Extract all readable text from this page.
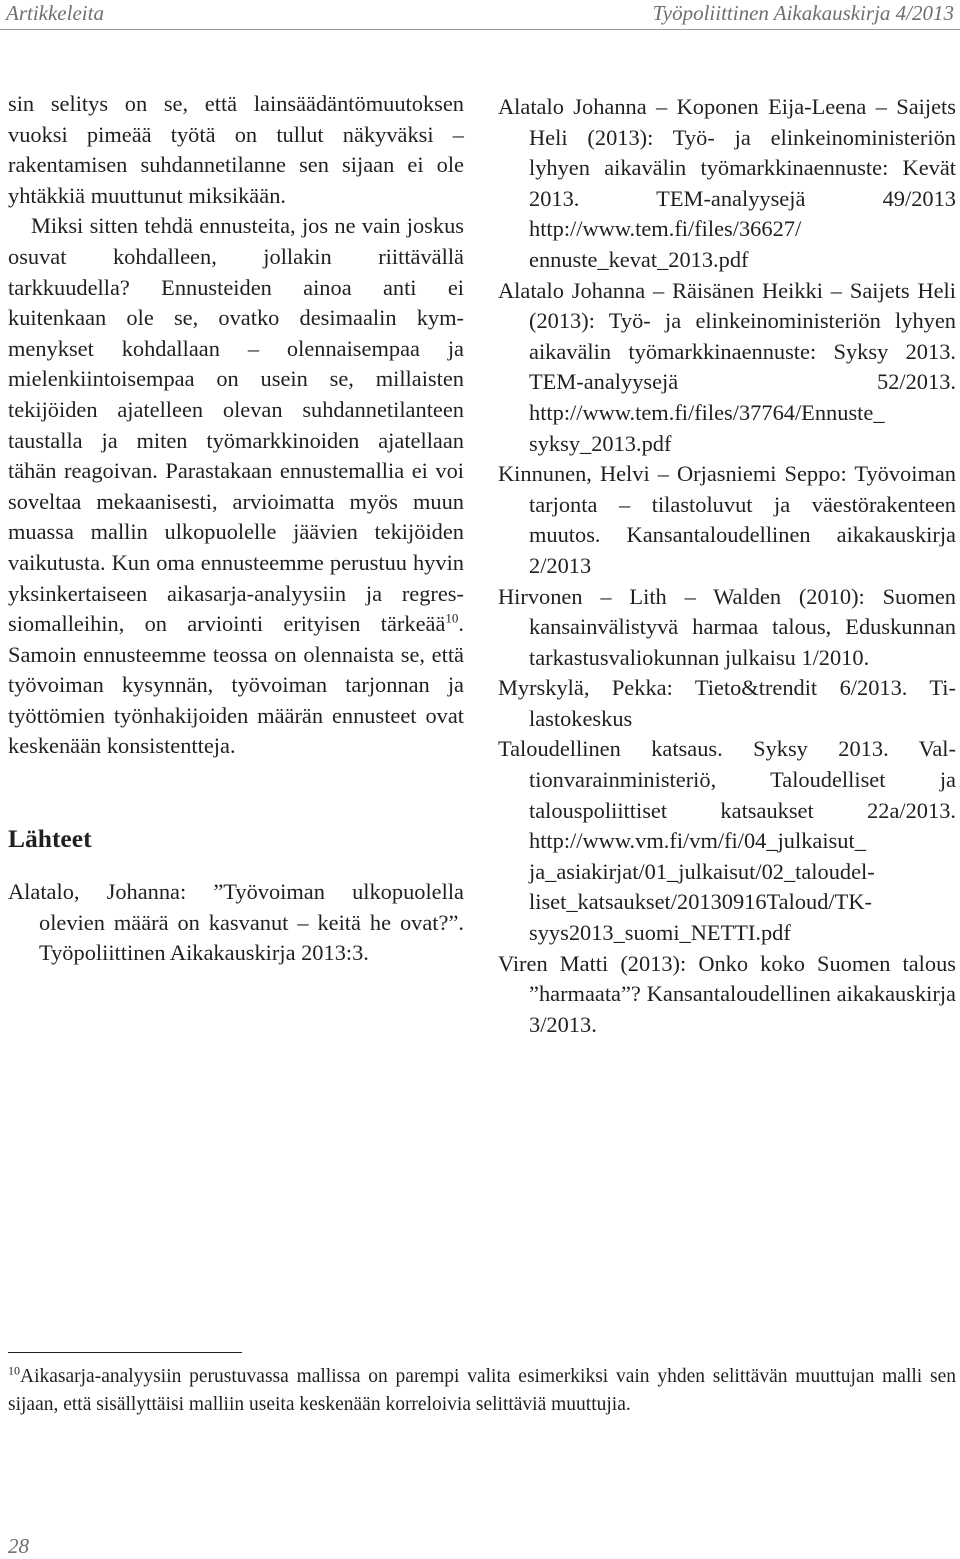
Artikkeleita	Työpoliittinen Aikakauskirja 4/2013

sin selitys on se, että lainsäädäntömuutoksen vuoksi pimeää työtä on tullut näkyväksi – rakentamisen suhdannetilanne sen sijaan ei ole yhtäkkiä muuttunut miksikään.

Miksi sitten tehdä ennusteita, jos ne vain joskus osuvat kohdalleen, jollakin riittävällä tarkkuudella? Ennusteiden ainoa anti ei kuitenkaan ole se, ovatko desimaalin kymmenykset kohdallaan – olennaisempaa ja mielenkiintoisempaa on usein se, millaisten tekijöiden ajatelleen olevan suhdannetilanteen taustalla ja miten työmarkkinoiden ajatellaan tähän reagoivan. Parastakaan ennustemallia ei voi soveltaa mekaanisesti, arvioimatta myös muun muassa mallin ulkopuolelle jäävien tekijöiden vaikutusta. Kun oma ennusteemme perustuu hyvin yksinkertaiseen aikasarja-analyysiin ja regressiomalleihin, on arviointi erityisen tärkeää$^{10}$. Samoin ennusteemme teossa on olennaista se, että työvoiman kysynnän, työvoiman tarjonnan ja työttömien työnhakijoiden määrän ennusteet ovat keskenään konsistentteja.

Lähteet

Alatalo, Johanna: ”Työvoiman ulkopuolella olevien määrä on kasvanut – keitä he ovat?”. Työpoliittinen Aikakauskirja 2013:3.

Alatalo Johanna – Koponen Eija-Leena – Saijets Heli (2013): Työ- ja elinkeinoministeriön lyhyen aikavälin työmarkkinaennuste: Kevät 2013. TEM-analyysejä 49/2013 http://www.tem.fi/files/36627/ ennuste_kevat_2013.pdf

Alatalo Johanna – Räisänen Heikki – Saijets Heli (2013): Työ- ja elinkeinoministeriön lyhyen aikavälin työmarkkinaennuste: Syksy 2013. TEM-analyysejä 52/2013. http://www.tem.fi/files/37764/Ennuste_ syksy_2013.pdf

Kinnunen, Helvi – Orjasniemi Seppo: Työvoiman tarjonta – tilastoluvut ja väestörakenteen muutos. Kansantaloudellinen aikakauskirja 2/2013

Hirvonen – Lith – Walden (2010): Suomen kansainvälistyvä harmaa talous, Eduskunnan tarkastusvaliokunnan julkaisu 1/2010.

Myrskylä, Pekka: Tieto&trendit 6/2013. Tilastokeskus

Taloudellinen katsaus. Syksy 2013. Valtionvarainministeriö, Taloudelliset ja talouspoliittiset katsaukset 22a/2013. http://www.vm.fi/vm/fi/04_julkaisut_ ja_asiakirjat/01_julkaisut/02_taloudelliset_katsaukset/20130916Taloud/TKsyys2013_suomi_NETTI.pdf

Viren Matti (2013): Onko koko Suomen talous ”harmaata”? Kansantaloudellinen aikakauskirja 3/2013.

$^{10}$Aikasarja-analyysiin perustuvassa mallissa on parempi valita esimerkiksi vain yhden selittävän muuttujan malli sen sijaan, että sisällyttäisi malliin useita keskenään korreloivia selittäviä muuttujia.
28
